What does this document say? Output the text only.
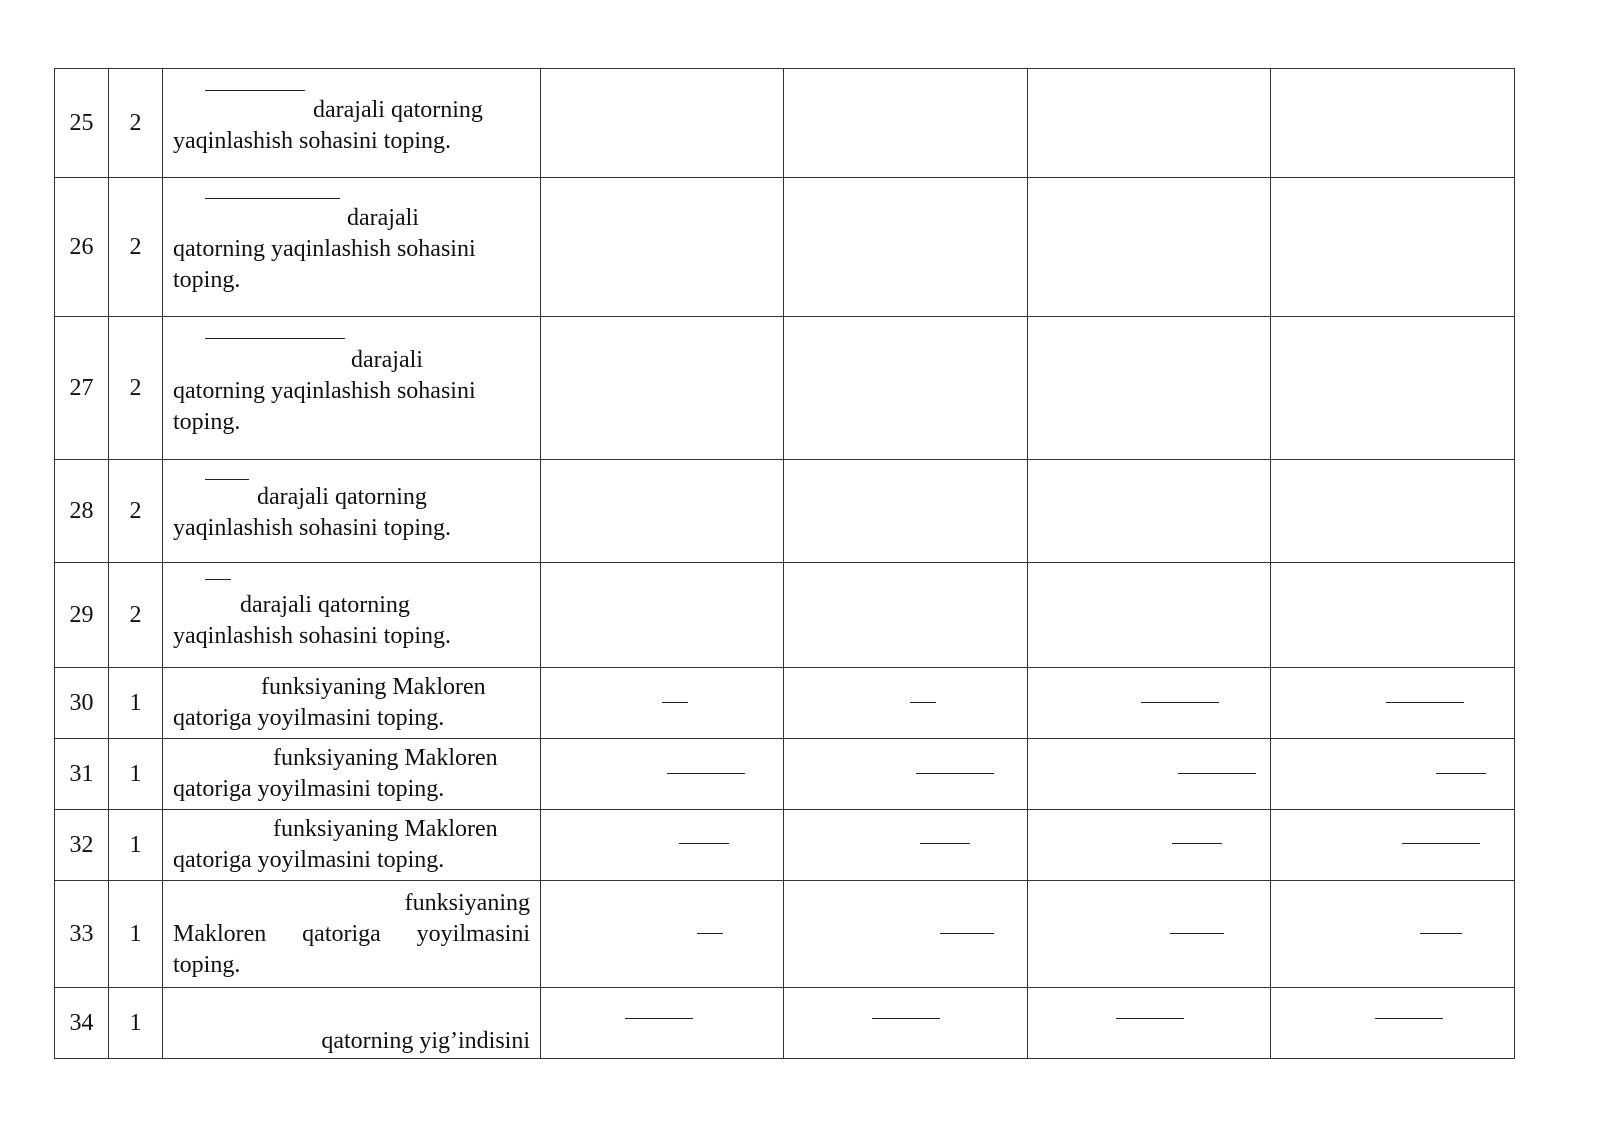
25	2	darajali qatorning
yaqinlashish sohasini toping.				

26	2	darajali
qatorning yaqinlashish sohasini
toping.				

27	2	darajali
qatorning yaqinlashish sohasini
toping.				

28	2	darajali qatorning
yaqinlashish sohasini toping.				

29	2	darajali qatorning
yaqinlashish sohasini toping.				

30	1	funksiyaning Makloren
qatoriga yoyilmasini toping.				

31	1	funksiyaning Makloren
qatoriga yoyilmasini toping.				

32	1	funksiyaning Makloren
qatoriga yoyilmasini toping.				

33	1	funksiyaning
Makloren qatoriga yoyilmasini
toping.				

34	1	qatorning yig’indisini				
